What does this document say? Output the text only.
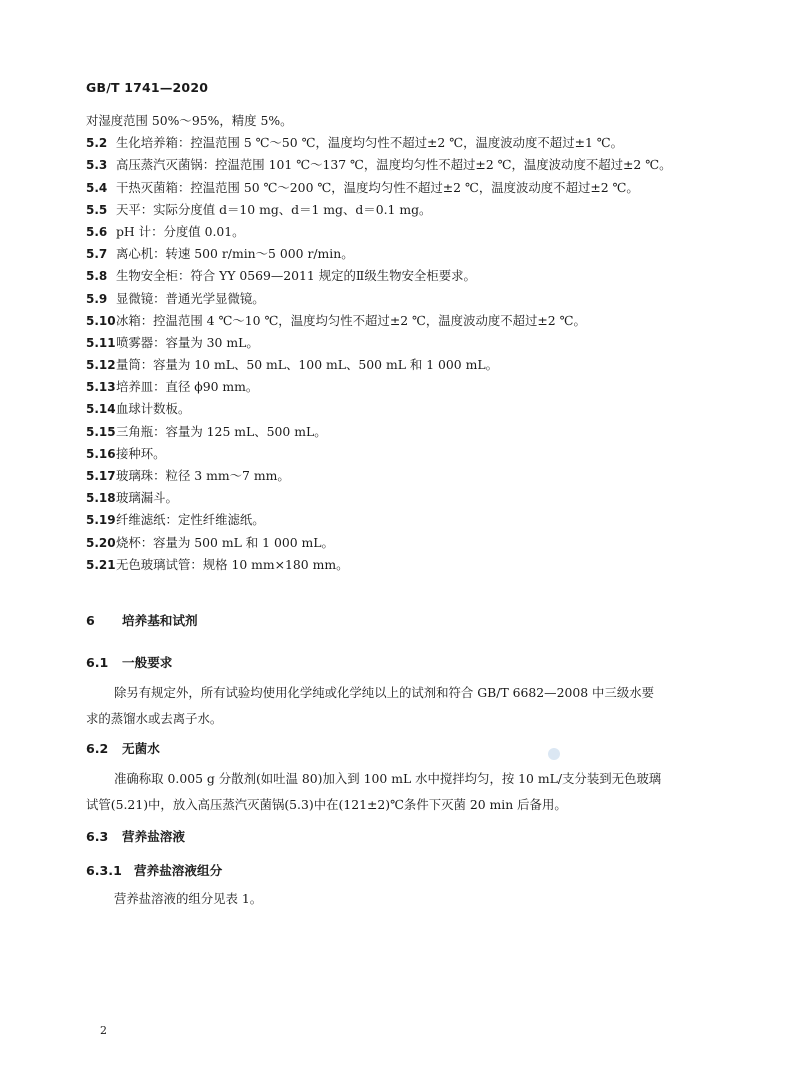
GB/T 1741—2020
对湿度范围 50%～95%，精度 5%。
5.2 生化培养箱：控温范围 5 ℃～50 ℃，温度均匀性不超过±2 ℃，温度波动度不超过±1 ℃。
5.3 高压蒸汽灭菌锅：控温范围 101 ℃～137 ℃，温度均匀性不超过±2 ℃，温度波动度不超过±2 ℃。
5.4 干热灭菌箱：控温范围 50 ℃～200 ℃，温度均匀性不超过±2 ℃，温度波动度不超过±2 ℃。
5.5 天平：实际分度值 d＝10 mg、d＝1 mg、d＝0.1 mg。
5.6 pH 计：分度值 0.01。
5.7 离心机：转速 500 r/min～5 000 r/min。
5.8 生物安全柜：符合 YY 0569—2011 规定的Ⅱ级生物安全柜要求。
5.9 显微镜：普通光学显微镜。
5.10冰箱：控温范围 4 ℃～10 ℃，温度均匀性不超过±2 ℃，温度波动度不超过±2 ℃。
5.11喷雾器：容量为 30 mL。
5.12量筒：容量为 10 mL、50 mL、100 mL、500 mL 和 1 000 mL。
5.13培养皿：直径 ϕ90 mm。
5.14血球计数板。
5.15三角瓶：容量为 125 mL、500 mL。
5.16接种环。
5.17玻璃珠：粒径 3 mm～7 mm。
5.18玻璃漏斗。
5.19纤维滤纸：定性纤维滤纸。
5.20烧杯：容量为 500 mL 和 1 000 mL。
5.21无色玻璃试管：规格 10 mm×180 mm。
6 培养基和试剂
6.1 一般要求
除另有规定外，所有试验均使用化学纯或化学纯以上的试剂和符合 GB/T 6682—2008 中三级水要
求的蒸馏水或去离子水。
6.2 无菌水
准确称取 0.005 g 分散剂(如吐温 80)加入到 100 mL 水中搅拌均匀，按 10 mL/支分装到无色玻璃
试管(5.21)中，放入高压蒸汽灭菌锅(5.3)中在(121±2)℃条件下灭菌 20 min 后备用。
6.3 营养盐溶液
6.3.1 营养盐溶液组分
营养盐溶液的组分见表 1。
2
